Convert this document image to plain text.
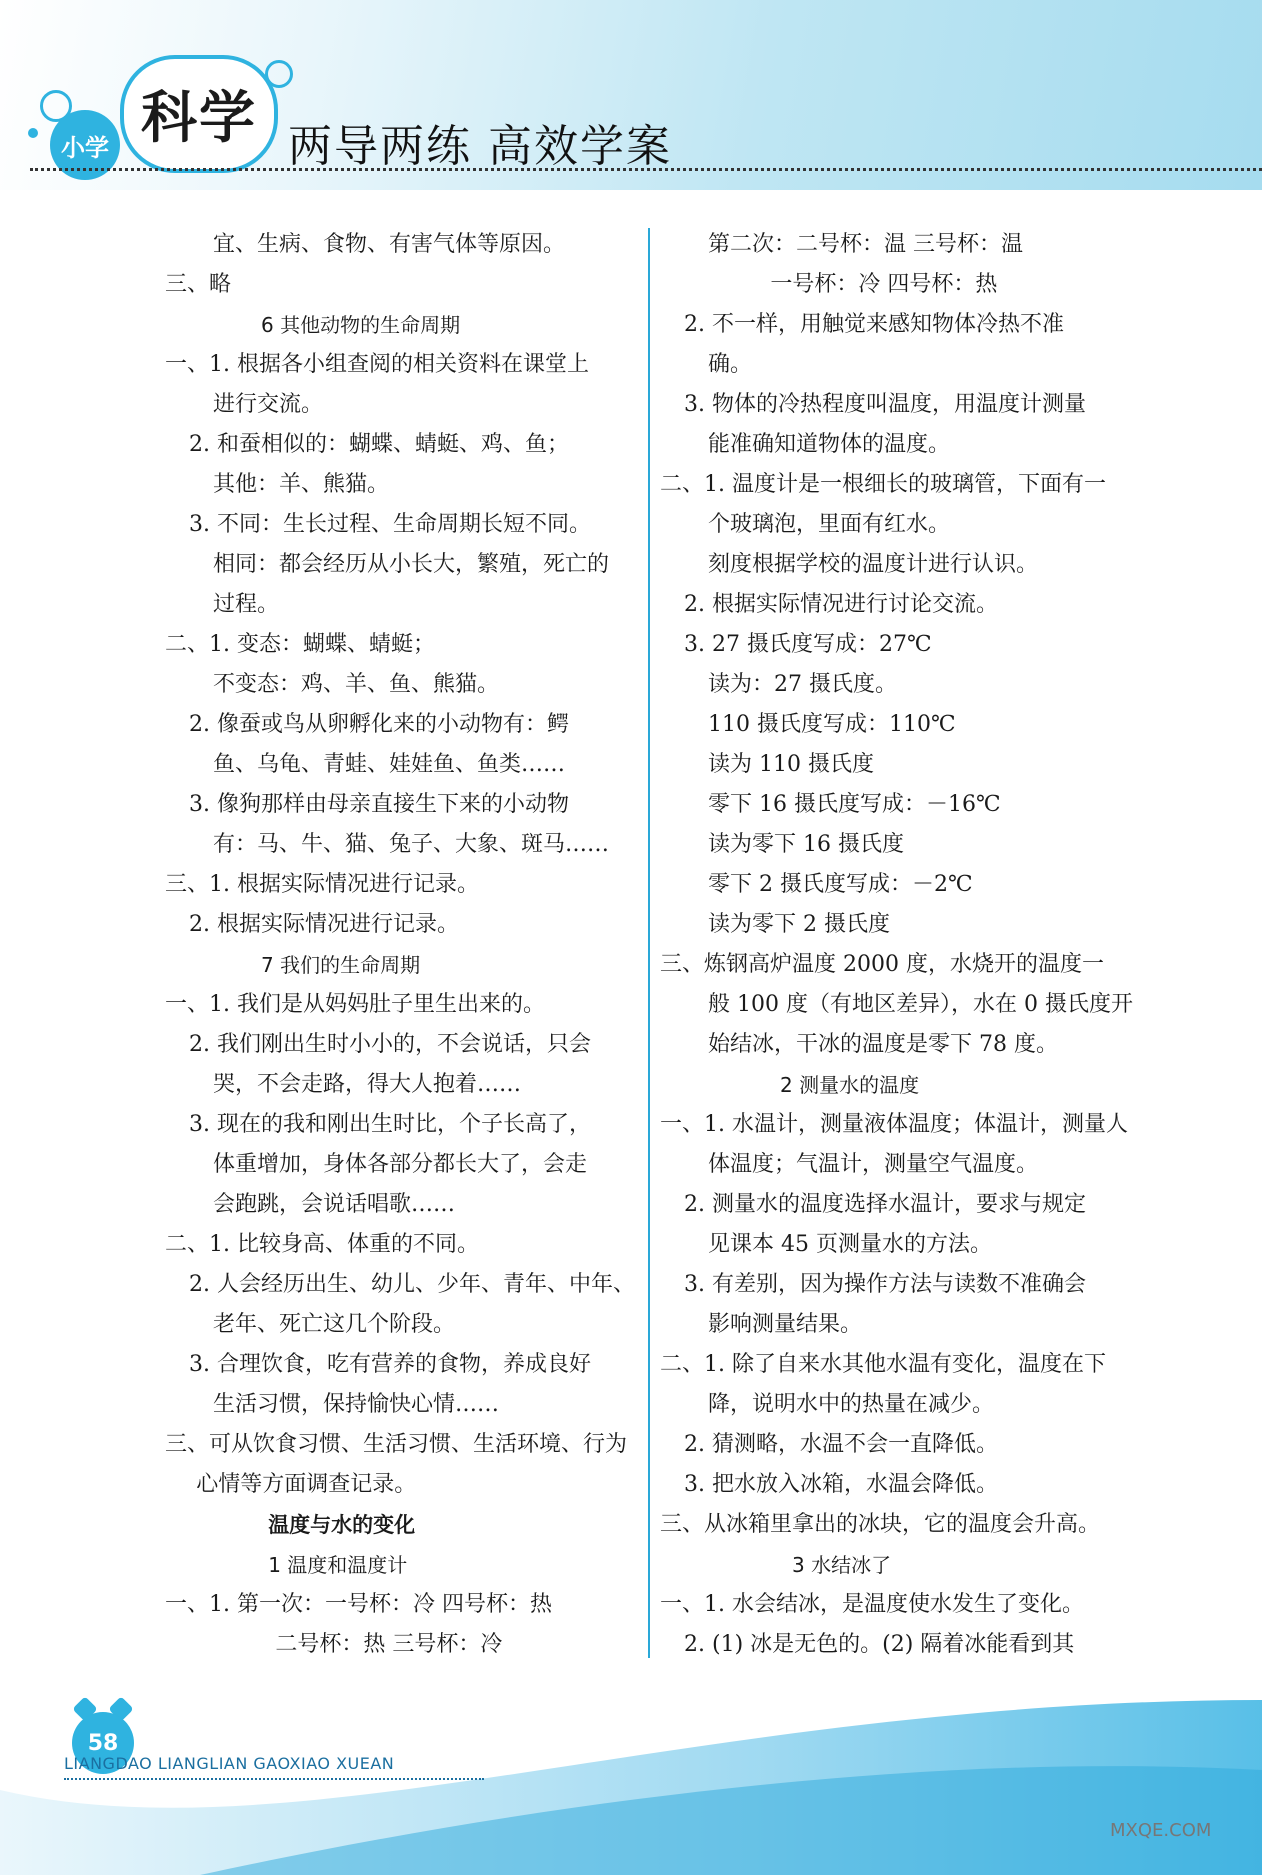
小学 科学 两导两练 高效学案
宜、生病、食物、有害气体等原因。
三、略
6 其他动物的生命周期
一、1. 根据各小组查阅的相关资料在课堂上
进行交流。
2. 和蚕相似的：蝴蝶、蜻蜓、鸡、鱼；
其他：羊、熊猫。
3. 不同：生长过程、生命周期长短不同。
相同：都会经历从小长大，繁殖，死亡的
过程。
二、1. 变态：蝴蝶、蜻蜓；
不变态：鸡、羊、鱼、熊猫。
2. 像蚕或鸟从卵孵化来的小动物有：鳄
鱼、乌龟、青蛙、娃娃鱼、鱼类……
3. 像狗那样由母亲直接生下来的小动物
有：马、牛、猫、兔子、大象、斑马……
三、1. 根据实际情况进行记录。
2. 根据实际情况进行记录。
7 我们的生命周期
一、1. 我们是从妈妈肚子里生出来的。
2. 我们刚出生时小小的，不会说话，只会
哭，不会走路，得大人抱着……
3. 现在的我和刚出生时比，个子长高了，
体重增加，身体各部分都长大了，会走
会跑跳，会说话唱歌……
二、1. 比较身高、体重的不同。
2. 人会经历出生、幼儿、少年、青年、中年、
老年、死亡这几个阶段。
3. 合理饮食，吃有营养的食物，养成良好
生活习惯，保持愉快心情……
三、可从饮食习惯、生活习惯、生活环境、行为
心情等方面调查记录。
温度与水的变化
1 温度和温度计
一、1. 第一次：一号杯：冷 四号杯：热
二号杯：热 三号杯：冷
第二次：二号杯：温 三号杯：温
一号杯：冷 四号杯：热
2. 不一样，用触觉来感知物体冷热不准
确。
3. 物体的冷热程度叫温度，用温度计测量
能准确知道物体的温度。
二、1. 温度计是一根细长的玻璃管，下面有一
个玻璃泡，里面有红水。
刻度根据学校的温度计进行认识。
2. 根据实际情况进行讨论交流。
3. 27 摄氏度写成：27℃
读为：27 摄氏度。
110 摄氏度写成：110℃
读为 110 摄氏度
零下 16 摄氏度写成：－16℃
读为零下 16 摄氏度
零下 2 摄氏度写成：－2℃
读为零下 2 摄氏度
三、炼钢高炉温度 2000 度，水烧开的温度一
般 100 度（有地区差异），水在 0 摄氏度开
始结冰，干冰的温度是零下 78 度。
2 测量水的温度
一、1. 水温计，测量液体温度；体温计，测量人
体温度；气温计，测量空气温度。
2. 测量水的温度选择水温计，要求与规定
见课本 45 页测量水的方法。
3. 有差别，因为操作方法与读数不准确会
影响测量结果。
二、1. 除了自来水其他水温有变化，温度在下
降，说明水中的热量在减少。
2. 猜测略，水温不会一直降低。
3. 把水放入冰箱，水温会降低。
三、从冰箱里拿出的冰块，它的温度会升高。
3 水结冰了
一、1. 水会结冰，是温度使水发生了变化。
2. (1) 冰是无色的。(2) 隔着冰能看到其
58
LIANGDAO LIANGLIAN GAOXIAO XUEAN
MXQE.COM
